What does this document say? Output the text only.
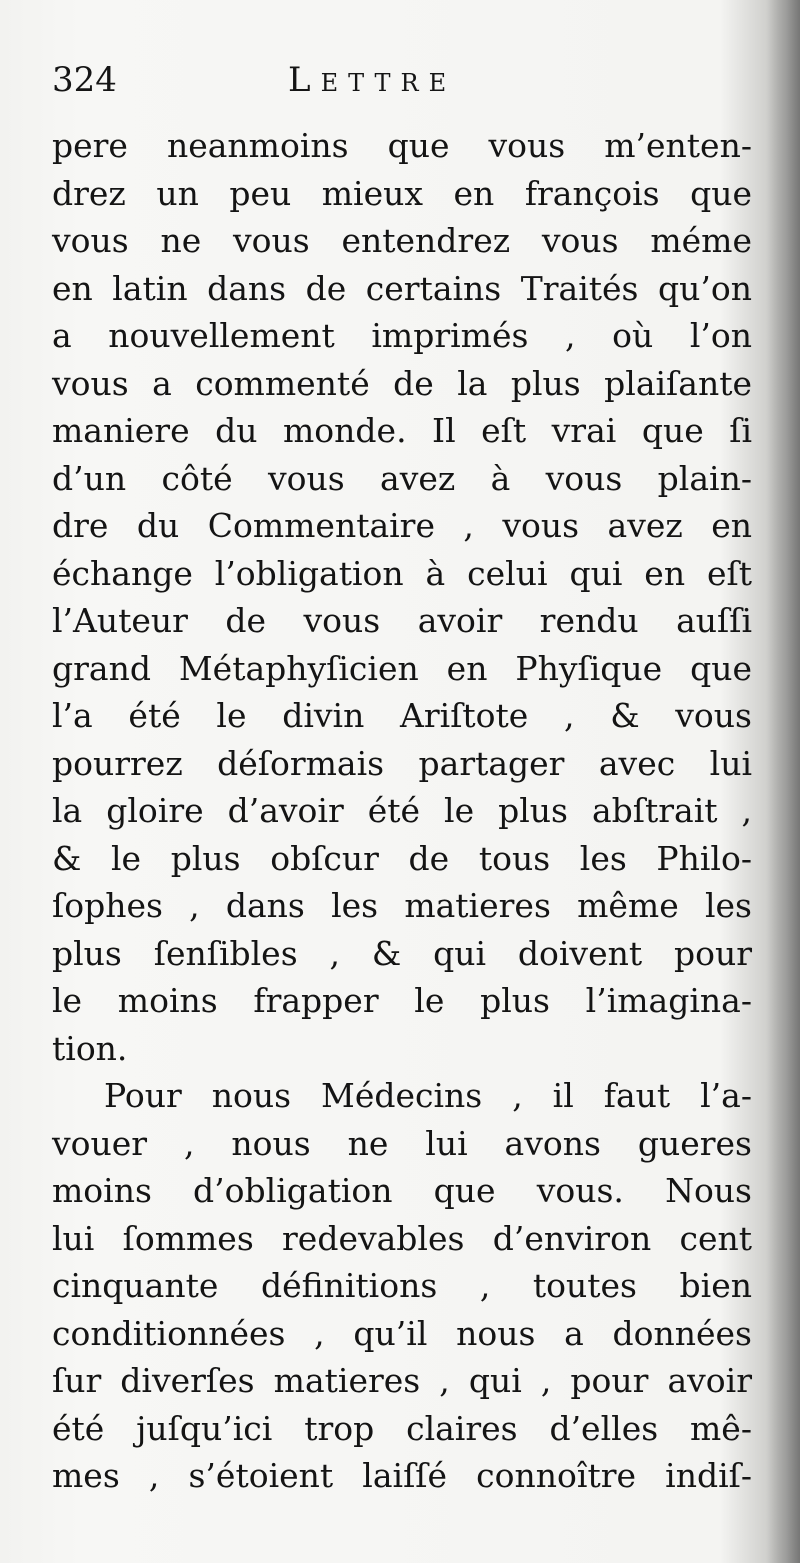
324	Lettre
pere neanmoins que vous m’enten-
drez un peu mieux en françois que
vous ne vous entendrez vous méme
en latin dans de certains Traités qu’on
a nouvellement imprimés , où l’on
vous a commenté de la plus plaiſante
maniere du monde. Il eſt vrai que ſi
d’un côté vous avez à vous plain-
dre du Commentaire , vous avez en
échange l’obligation à celui qui en eſt
l’Auteur de vous avoir rendu auſſi
grand Métaphyſicien en Phyſique que
l’a été le divin Ariſtote , & vous
pourrez déſormais partager avec lui
la gloire d’avoir été le plus abſtrait ,
& le plus obſcur de tous les Philo-
ſophes , dans les matieres même les
plus ſenſibles , & qui doivent pour
le moins frapper le plus l’imagina-
tion.
Pour nous Médecins , il faut l’a-
vouer , nous ne lui avons gueres
moins d’obligation que vous. Nous
lui ſommes redevables d’environ cent
cinquante définitions , toutes bien
conditionnées , qu’il nous a données
ſur diverſes matieres , qui , pour avoir
été juſqu’ici trop claires d’elles mê-
mes , s’étoient laiſſé connoître indiſ-
